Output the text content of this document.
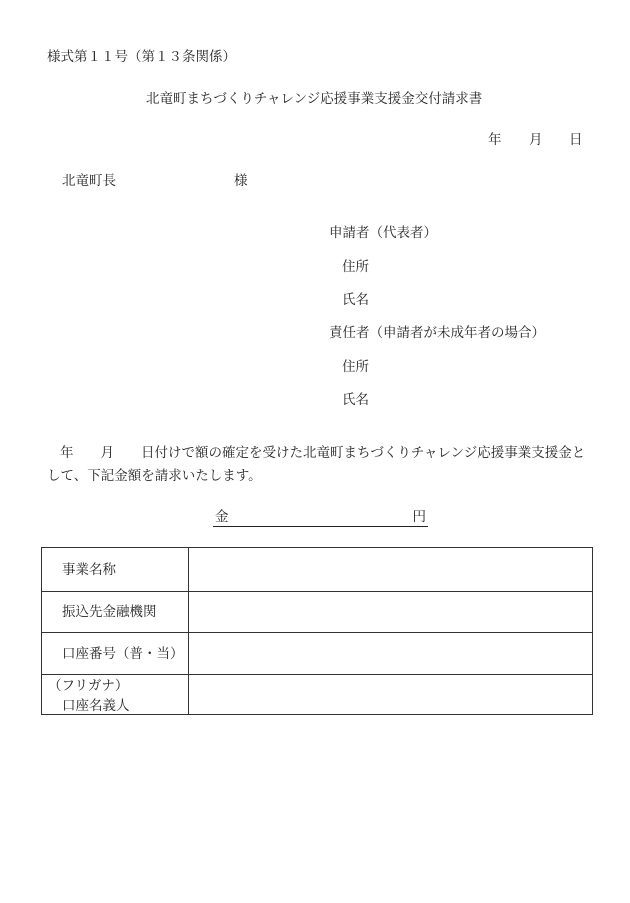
様式第１１号（第１３条関係）
北竜町まちづくりチャレンジ応援事業支援金交付請求書
年 月 日
北竜町長	様
申請者（代表者）
住所
氏名
責任者（申請者が未成年者の場合）
住所
氏名
年　　月　　日付けで額の確定を受けた北竜町まちづくりチャレンジ応援事業支援金と
して、下記金額を請求いたします。
金	円
事業名称
振込先金融機関
口座番号（普・当）
（フリガナ）
口座名義人
